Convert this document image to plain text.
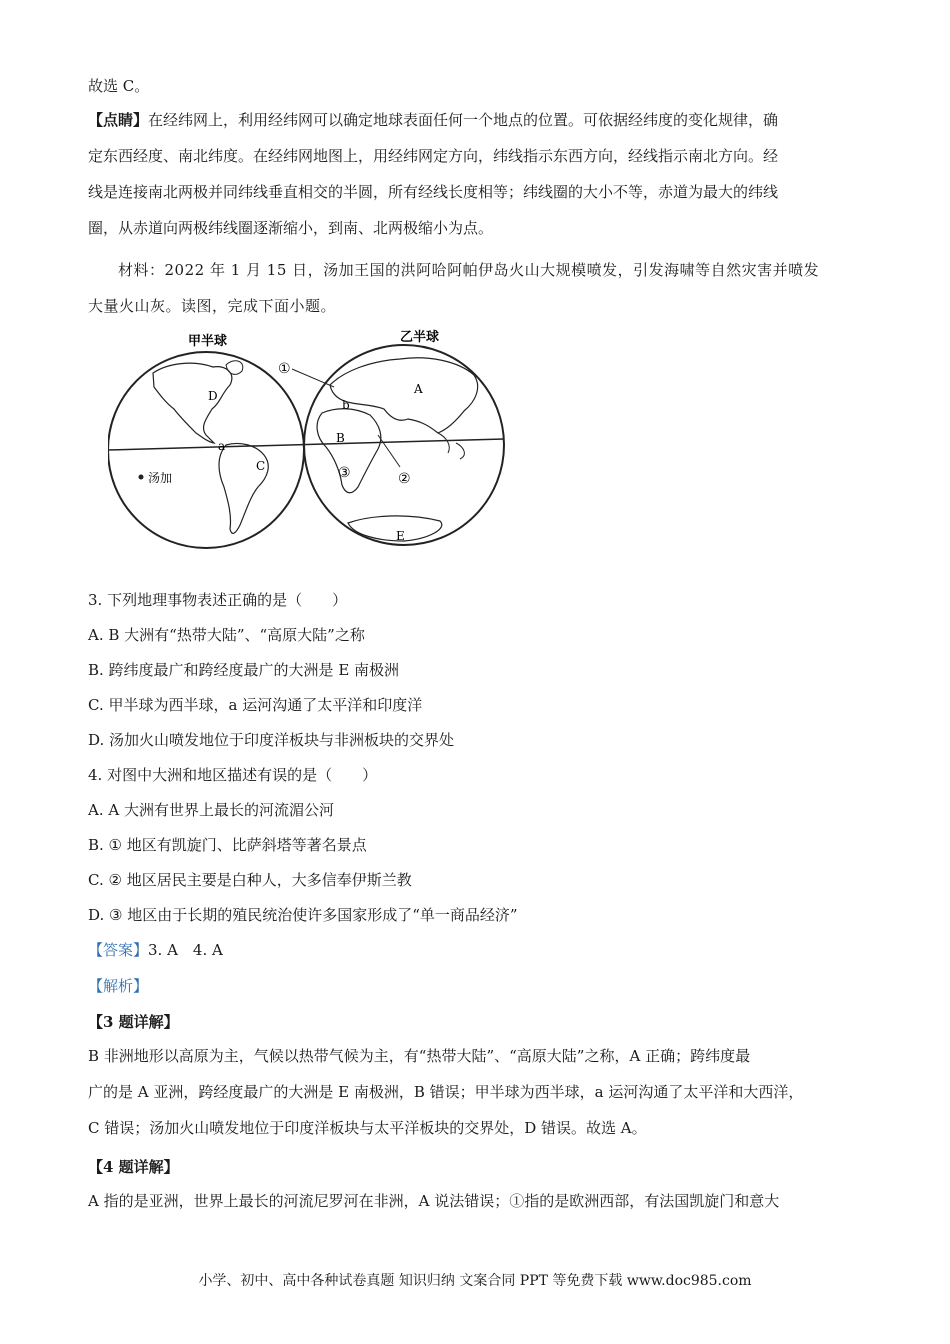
故选 C。
【点睛】在经纬网上，利用经纬网可以确定地球表面任何一个地点的位置。可依据经纬度的变化规律，确
定东西经度、南北纬度。在经纬网地图上，用经纬网定方向，纬线指示东西方向，经线指示南北方向。经
线是连接南北两极并同纬线垂直相交的半圆，所有经线长度相等；纬线圈的大小不等，赤道为最大的纬线
圈，从赤道向两极纬线圈逐渐缩小，到南、北两极缩小为点。
材料：2022 年 1 月 15 日，汤加王国的洪阿哈阿帕伊岛火山大规模喷发，引发海啸等自然灾害并喷发
大量火山灰。读图，完成下面小题。
甲半球	乙半球
D
a
C
汤加
A
b
B
E
①
②
③
3. 下列地理事物表述正确的是（　　）
A. B 大洲有“热带大陆”、“高原大陆”之称
B. 跨纬度最广和跨经度最广的大洲是 E 南极洲
C. 甲半球为西半球，a 运河沟通了太平洋和印度洋
D. 汤加火山喷发地位于印度洋板块与非洲板块的交界处
4. 对图中大洲和地区描述有误的是（　　）
A. A 大洲有世界上最长的河流湄公河
B. ① 地区有凯旋门、比萨斜塔等著名景点
C. ② 地区居民主要是白种人，大多信奉伊斯兰教
D. ③ 地区由于长期的殖民统治使许多国家形成了“单一商品经济”
【答案】3. A　4. A
【解析】
【3 题详解】
B 非洲地形以高原为主，气候以热带气候为主，有“热带大陆”、“高原大陆”之称，A 正确；跨纬度最
广的是 A 亚洲，跨经度最广的大洲是 E 南极洲，B 错误；甲半球为西半球，a 运河沟通了太平洋和大西洋，
C 错误；汤加火山喷发地位于印度洋板块与太平洋板块的交界处，D 错误。故选 A。
【4 题详解】
A 指的是亚洲，世界上最长的河流尼罗河在非洲，A 说法错误；①指的是欧洲西部，有法国凯旋门和意大
小学、初中、高中各种试卷真题 知识归纳 文案合同 PPT 等免费下载 www.doc985.com
